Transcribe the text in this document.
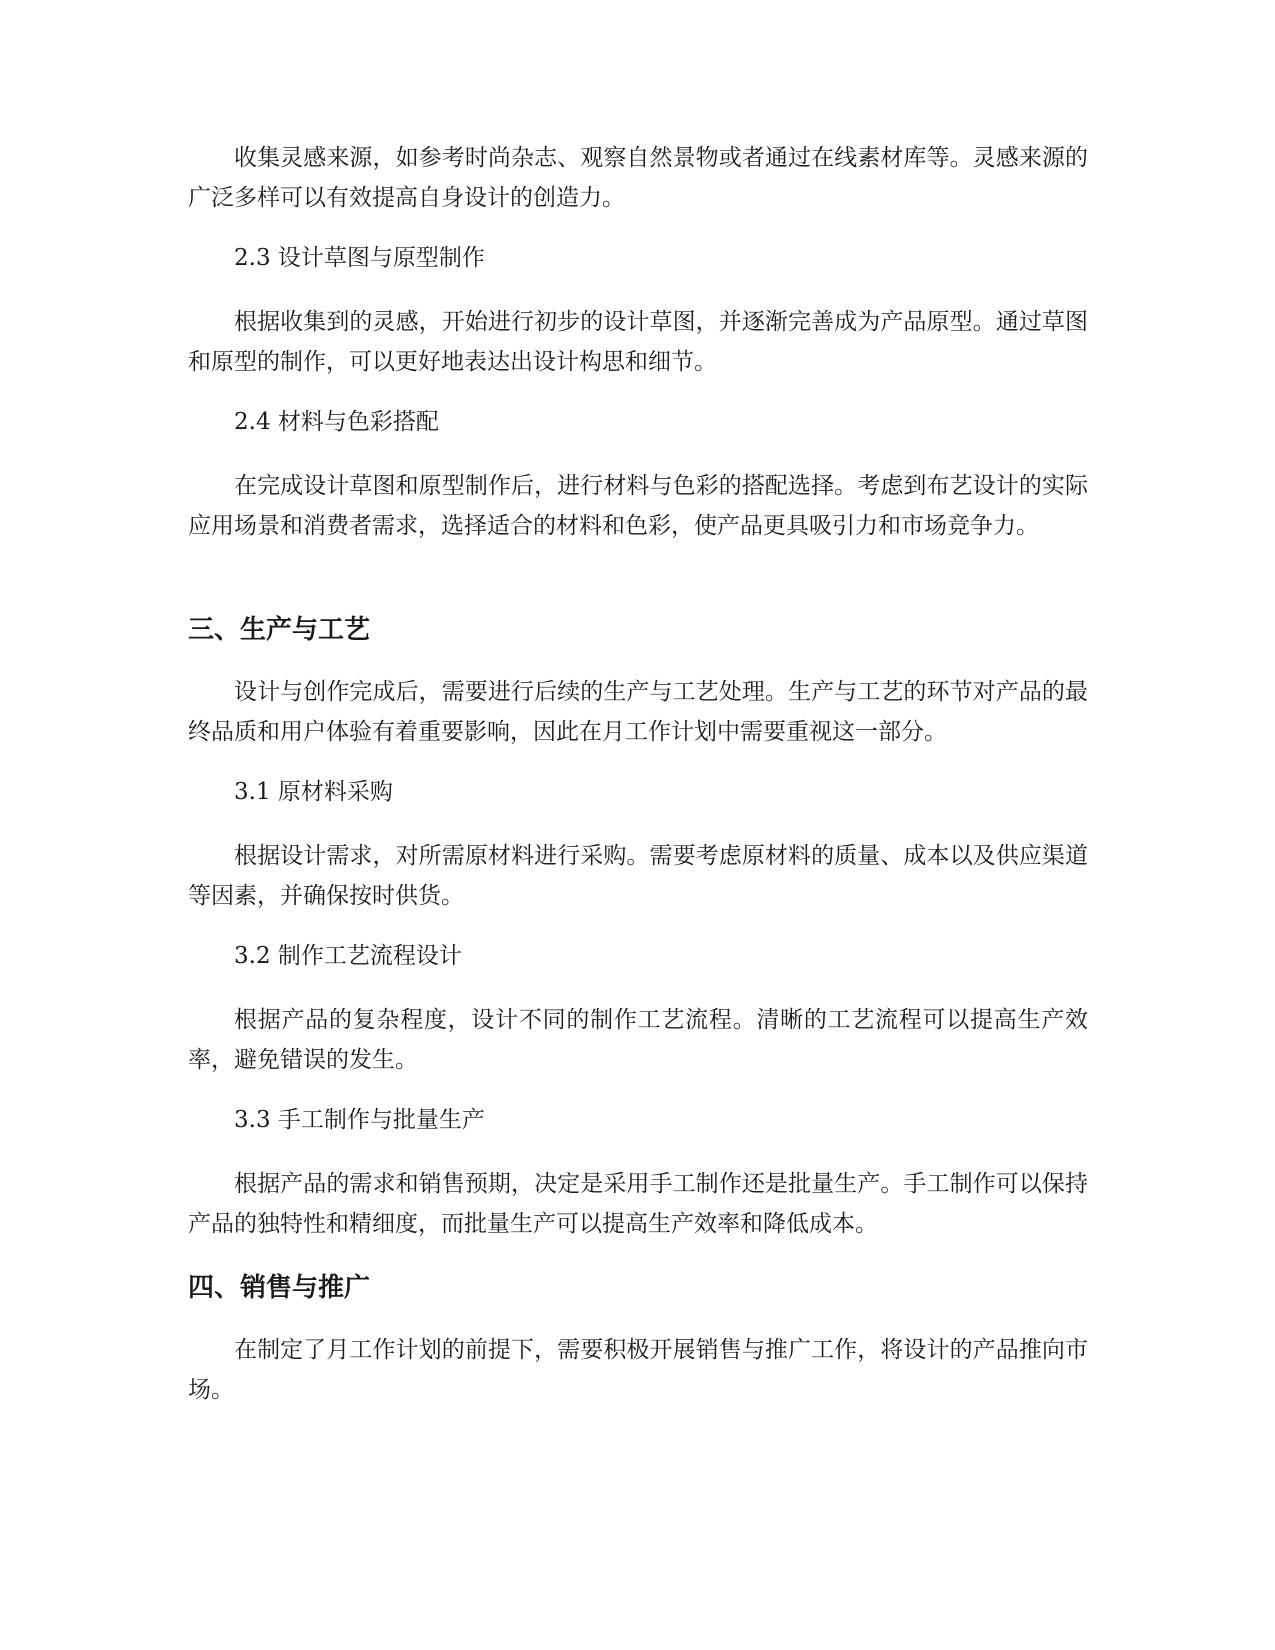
收集灵感来源，如参考时尚杂志、观察自然景物或者通过在线素材库等。灵感来源的广泛多样可以有效提高自身设计的创造力。

2.3 设计草图与原型制作

根据收集到的灵感，开始进行初步的设计草图，并逐渐完善成为产品原型。通过草图和原型的制作，可以更好地表达出设计构思和细节。

2.4 材料与色彩搭配

在完成设计草图和原型制作后，进行材料与色彩的搭配选择。考虑到布艺设计的实际应用场景和消费者需求，选择适合的材料和色彩，使产品更具吸引力和市场竞争力。

三、生产与工艺

设计与创作完成后，需要进行后续的生产与工艺处理。生产与工艺的环节对产品的最终品质和用户体验有着重要影响，因此在月工作计划中需要重视这一部分。

3.1 原材料采购

根据设计需求，对所需原材料进行采购。需要考虑原材料的质量、成本以及供应渠道等因素，并确保按时供货。

3.2 制作工艺流程设计

根据产品的复杂程度，设计不同的制作工艺流程。清晰的工艺流程可以提高生产效率，避免错误的发生。

3.3 手工制作与批量生产

根据产品的需求和销售预期，决定是采用手工制作还是批量生产。手工制作可以保持产品的独特性和精细度，而批量生产可以提高生产效率和降低成本。

四、销售与推广

在制定了月工作计划的前提下，需要积极开展销售与推广工作，将设计的产品推向市场。
